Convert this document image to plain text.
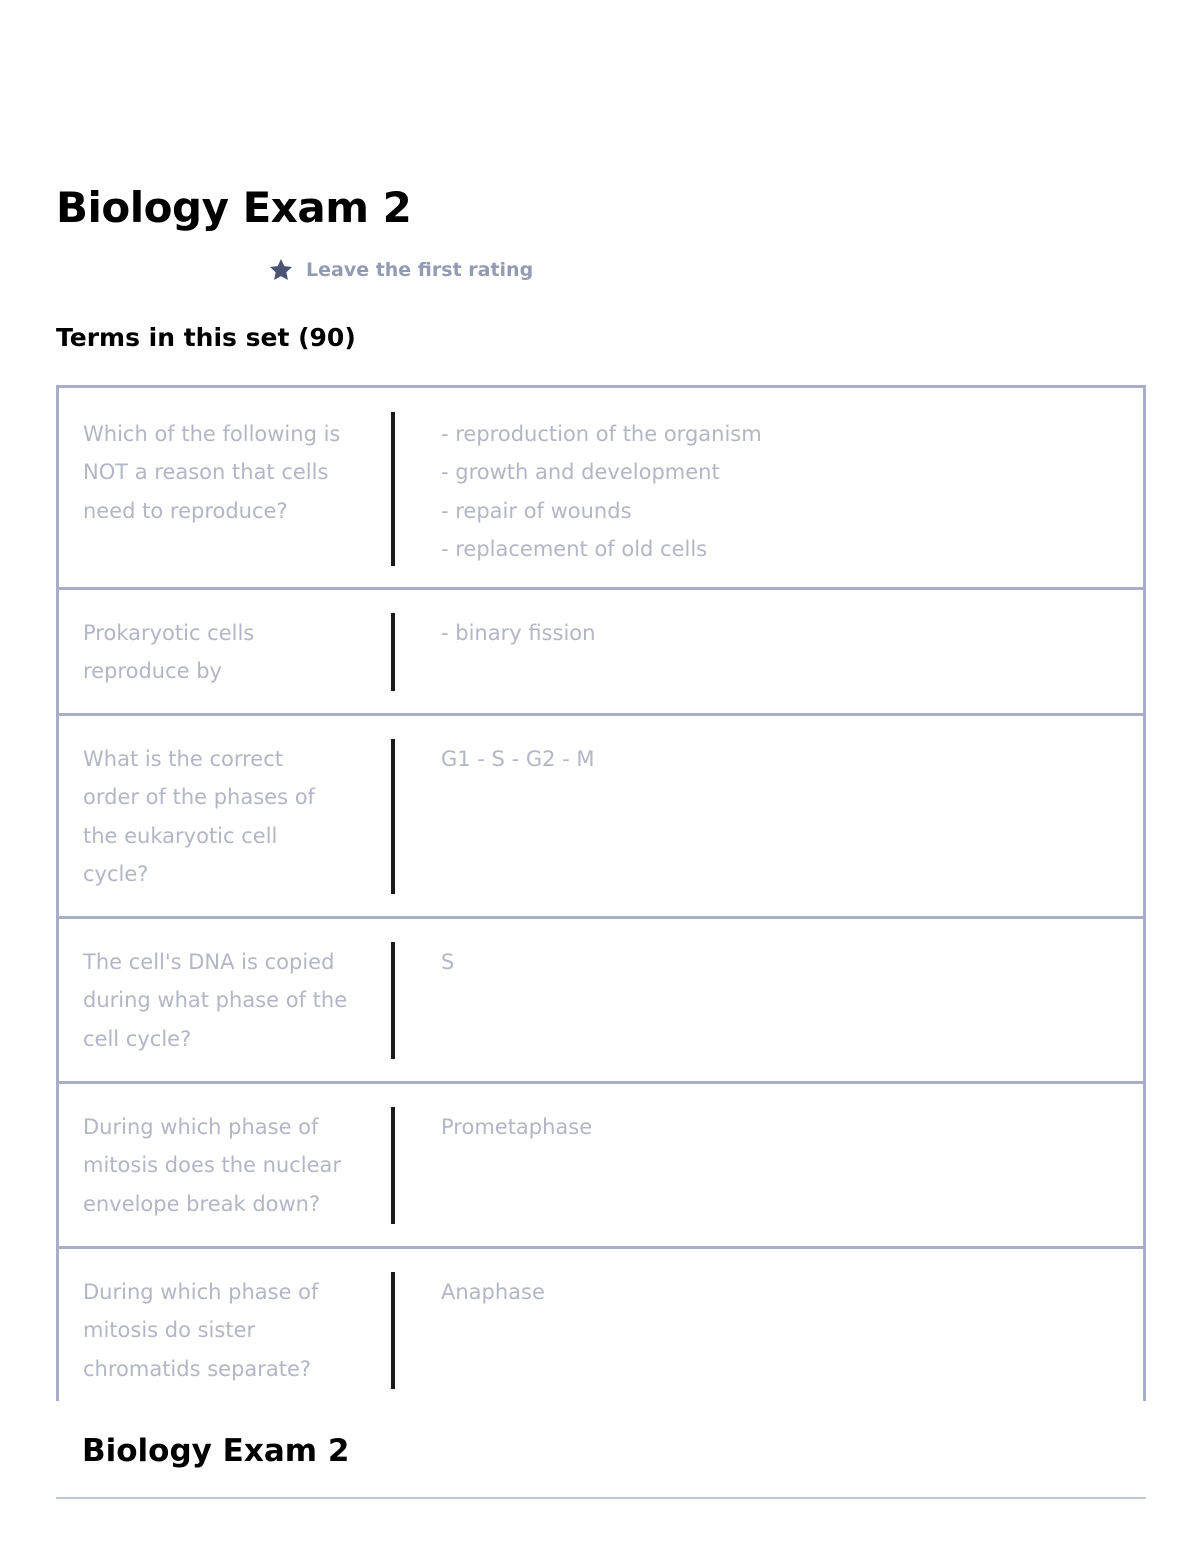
Biology Exam 2
Leave the first rating
Terms in this set (90)
Which of the following is NOT a reason that cells need to reproduce?
- reproduction of the organism
- growth and development
- repair of wounds
- replacement of old cells
Prokaryotic cells reproduce by
- binary fission
What is the correct order of the phases of the eukaryotic cell cycle?
G1 - S - G2 - M
The cell's DNA is copied during what phase of the cell cycle?
S
During which phase of mitosis does the nuclear envelope break down?
Prometaphase
During which phase of mitosis do sister chromatids separate?
Anaphase
Biology Exam 2
